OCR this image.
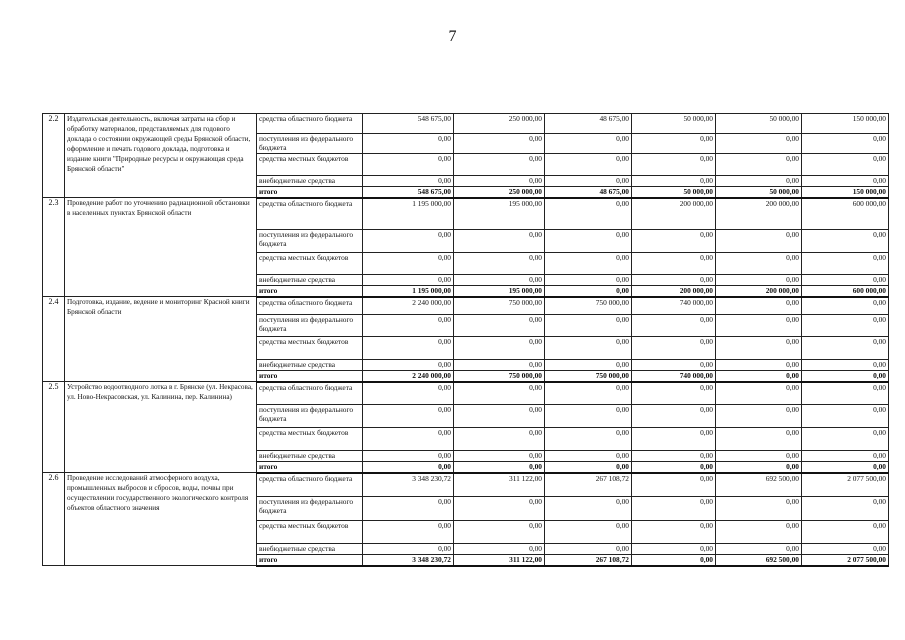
7
2.2	Издательская деятельность, включая затраты на сбор и обработку материалов, представляемых для годового доклада о состоянии окружающей среды Брянской области, оформление и печать годового доклада, подготовка и издание книги "Природные ресурсы и окружающая среда Брянской области"	средства областного бюджета	548 675,00	250 000,00	48 675,00	50 000,00	50 000,00	150 000,00
		поступления из федерального бюджета	0,00	0,00	0,00	0,00	0,00	0,00
		средства местных бюджетов	0,00	0,00	0,00	0,00	0,00	0,00
		внебюджетные средства	0,00	0,00	0,00	0,00	0,00	0,00
		итого	548 675,00	250 000,00	48 675,00	50 000,00	50 000,00	150 000,00
2.3	Проведение работ по уточнению радиационной обстановки в населенных пунктах Брянской области	средства областного бюджета	1 195 000,00	195 000,00	0,00	200 000,00	200 000,00	600 000,00
		поступления из федерального бюджета	0,00	0,00	0,00	0,00	0,00	0,00
		средства местных бюджетов	0,00	0,00	0,00	0,00	0,00	0,00
		внебюджетные средства	0,00	0,00	0,00	0,00	0,00	0,00
		итого	1 195 000,00	195 000,00	0,00	200 000,00	200 000,00	600 000,00
2.4	Подготовка, издание, ведение и мониторинг Красной книги Брянской области	средства областного бюджета	2 240 000,00	750 000,00	750 000,00	740 000,00	0,00	0,00
		поступления из федерального бюджета	0,00	0,00	0,00	0,00	0,00	0,00
		средства местных бюджетов	0,00	0,00	0,00	0,00	0,00	0,00
		внебюджетные средства	0,00	0,00	0,00	0,00	0,00	0,00
		итого	2 240 000,00	750 000,00	750 000,00	740 000,00	0,00	0,00
2.5	Устройство водоотводного лотка в г. Брянске (ул. Некрасова, ул. Ново-Некрасовская, ул. Калинина, пер. Калинина)	средства областного бюджета	0,00	0,00	0,00	0,00	0,00	0,00
		поступления из федерального бюджета	0,00	0,00	0,00	0,00	0,00	0,00
		средства местных бюджетов	0,00	0,00	0,00	0,00	0,00	0,00
		внебюджетные средства	0,00	0,00	0,00	0,00	0,00	0,00
		итого	0,00	0,00	0,00	0,00	0,00	0,00
2.6	Проведение исследований атмосферного воздуха, промышленных выбросов и сбросов, воды, почвы при осуществлении государственного экологического контроля объектов областного значения	средства областного бюджета	3 348 230,72	311 122,00	267 108,72	0,00	692 500,00	2 077 500,00
		поступления из федерального бюджета	0,00	0,00	0,00	0,00	0,00	0,00
		средства местных бюджетов	0,00	0,00	0,00	0,00	0,00	0,00
		внебюджетные средства	0,00	0,00	0,00	0,00	0,00	0,00
		итого	3 348 230,72	311 122,00	267 108,72	0,00	692 500,00	2 077 500,00
